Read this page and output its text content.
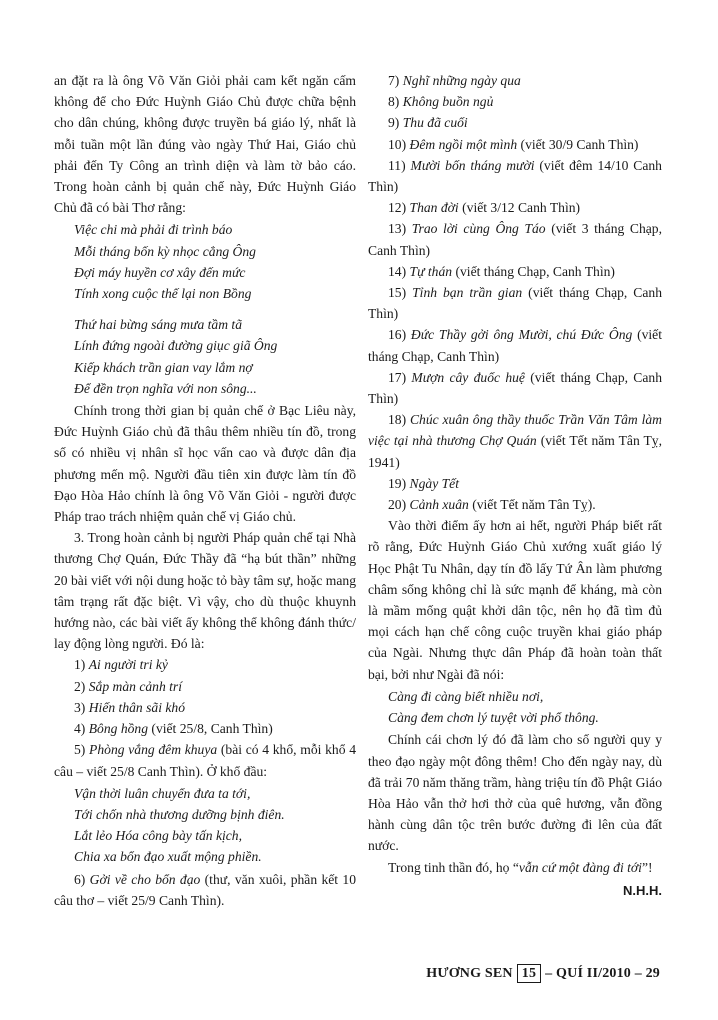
an đặt ra là ông Võ Văn Giỏi phải cam kết ngăn cấm không để cho Đức Huỳnh Giáo Chủ được chữa bệnh cho dân chúng, không được truyền bá giáo lý, nhất là mỗi tuần một lần đúng vào ngày Thứ Hai, Giáo chủ phải đến Ty Công an trình diện và làm tờ bảo cáo. Trong hoàn cảnh bị quản chế này, Đức Huỳnh Giáo Chủ đã có bài Thơ rằng:

Việc chi mà phải đi trình báo
Mỗi tháng bốn kỳ nhọc cẳng Ông
Đợi máy huyền cơ xây đến mức
Tính xong cuộc thế lại non Bồng
Thứ hai bừng sáng mưa tầm tã
Lính đứng ngoài đường giục giã Ông
Kiếp khách trần gian vay lắm nợ
Để đền trọn nghĩa với non sông...

Chính trong thời gian bị quản chế ở Bạc Liêu này, Đức Huỳnh Giáo chủ đã thâu thêm nhiều tín đồ, trong số có nhiều vị nhân sĩ học vấn cao và được dân địa phương mến mộ. Người đầu tiên xin được làm tín đồ Đạo Hòa Hảo chính là ông Võ Văn Giỏi - người được Pháp trao trách nhiệm quản chế vị Giáo chủ.

3. Trong hoàn cảnh bị người Pháp quản chế tại Nhà thương Chợ Quán, Đức Thầy đã “hạ bút thần” những 20 bài viết với nội dung hoặc tỏ bày tâm sự, hoặc mang tâm trạng rất đặc biệt. Vì vậy, cho dù thuộc khuynh hướng nào, các bài viết ấy không thể không đánh thức/ lay động lòng người. Đó là:

1) Ai người tri kỷ

2) Sắp màn cảnh trí

3) Hiến thân sãi khó

4) Bông hồng (viết 25/8, Canh Thìn)

5) Phòng vắng đêm khuya (bài có 4 khổ, mỗi khổ 4 câu – viết 25/8 Canh Thìn). Ở khổ đầu:

Vận thời luân chuyển đưa ta tới,
Tới chốn nhà thương dưỡng bịnh điên.
Lắt lẻo Hóa công bày tấn kịch,
Chia xa bổn đạo xuất mộng phiền.

6) Gởi về cho bổn đạo (thư, văn xuôi, phần kết 10 câu thơ – viết 25/9 Canh Thìn).

7) Nghĩ những ngày qua

8) Không buồn ngủ

9) Thu đã cuối

10) Đêm ngồi một mình (viết 30/9 Canh Thìn)

11) Mười bốn tháng mười (viết đêm 14/10 Canh Thìn)

12) Than đời (viết 3/12 Canh Thìn)

13) Trao lời cùng Ông Táo (viết 3 tháng Chạp, Canh Thìn)

14) Tự thán (viết tháng Chạp, Canh Thìn)

15) Tỉnh bạn trần gian (viết tháng Chạp, Canh Thìn)

16) Đức Thầy gởi ông Mười, chú Đức Ông (viết tháng Chạp, Canh Thìn)

17) Mượn cây đuốc huệ (viết tháng Chạp, Canh Thìn)

18) Chúc xuân ông thầy thuốc Trần Văn Tâm làm việc tại nhà thương Chợ Quán (viết Tết năm Tân Tỵ, 1941)

19) Ngày Tết

20) Cảnh xuân (viết Tết năm Tân Tỵ).

Vào thời điểm ấy hơn ai hết, người Pháp biết rất rõ rằng, Đức Huỳnh Giáo Chủ xướng xuất giáo lý Học Phật Tu Nhân, dạy tín đồ lấy Tứ Ân làm phương châm sống không chỉ là sức mạnh để kháng, mà còn là mầm mống quật khởi dân tộc, nên họ đã tìm đủ mọi cách hạn chế công cuộc truyền khai giáo pháp của Ngài. Nhưng thực dân Pháp đã hoàn toàn thất bại, bởi như Ngài đã nói:

Càng đi càng biết nhiều nơi,
Càng đem chơn lý tuyệt vời phổ thông.

Chính cái chơn lý đó đã làm cho số người quy y theo đạo ngày một đông thêm! Cho đến ngày nay, dù đã trải 70 năm thăng trầm, hàng triệu tín đồ Phật Giáo Hòa Hảo vẫn thở hơi thở của quê hương, vẫn đồng hành cùng dân tộc trên bước đường đi lên của đất nước.

Trong tinh thần đó, họ “vẫn cứ một đàng đi tới”!

N.H.H.
HƯƠNG SEN 15 – QUÍ II/2010 – 29
